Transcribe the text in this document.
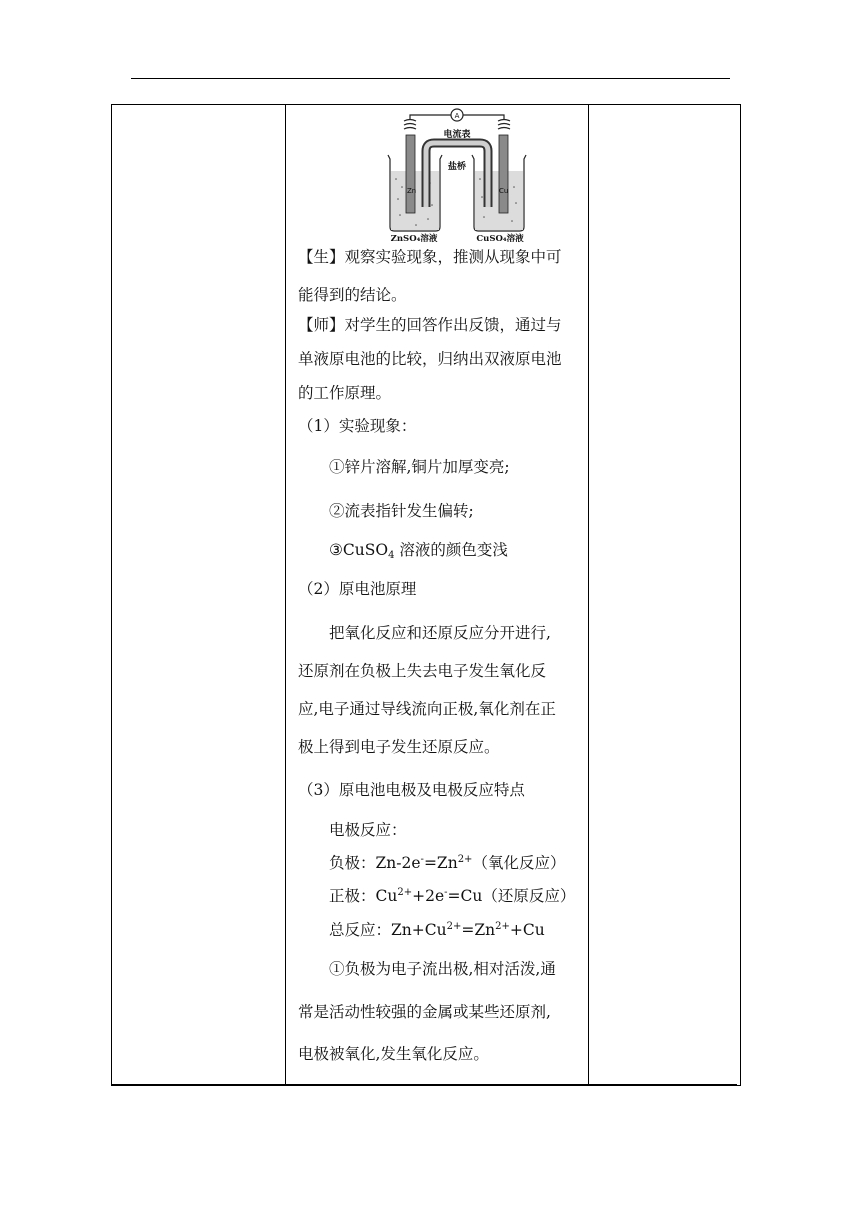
A
电流表
盐桥
Zn	Cu
ZnSO₄溶液	CuSO₄溶液
【生】观察实验现象，推测从现象中可
能得到的结论。
【师】对学生的回答作出反馈，通过与
单液原电池的比较，归纳出双液原电池
的工作原理。
（1）实验现象：
①锌片溶解,铜片加厚变亮;
②流表指针发生偏转;
③CuSO$_4$ 溶液的颜色变浅
（2）原电池原理
把氧化反应和还原反应分开进行,
还原剂在负极上失去电子发生氧化反
应,电子通过导线流向正极,氧化剂在正
极上得到电子发生还原反应。
（3）原电池电极及电极反应特点
电极反应：
负极：$Zn-2e^-=Zn^{2+}$（氧化反应）
正极：$Cu^{2+}+2e^-=Cu$（还原反应）
总反应：$Zn+Cu^{2+}=Zn^{2+}+Cu$
①负极为电子流出极,相对活泼,通
常是活动性较强的金属或某些还原剂,
电极被氧化,发生氧化反应。
